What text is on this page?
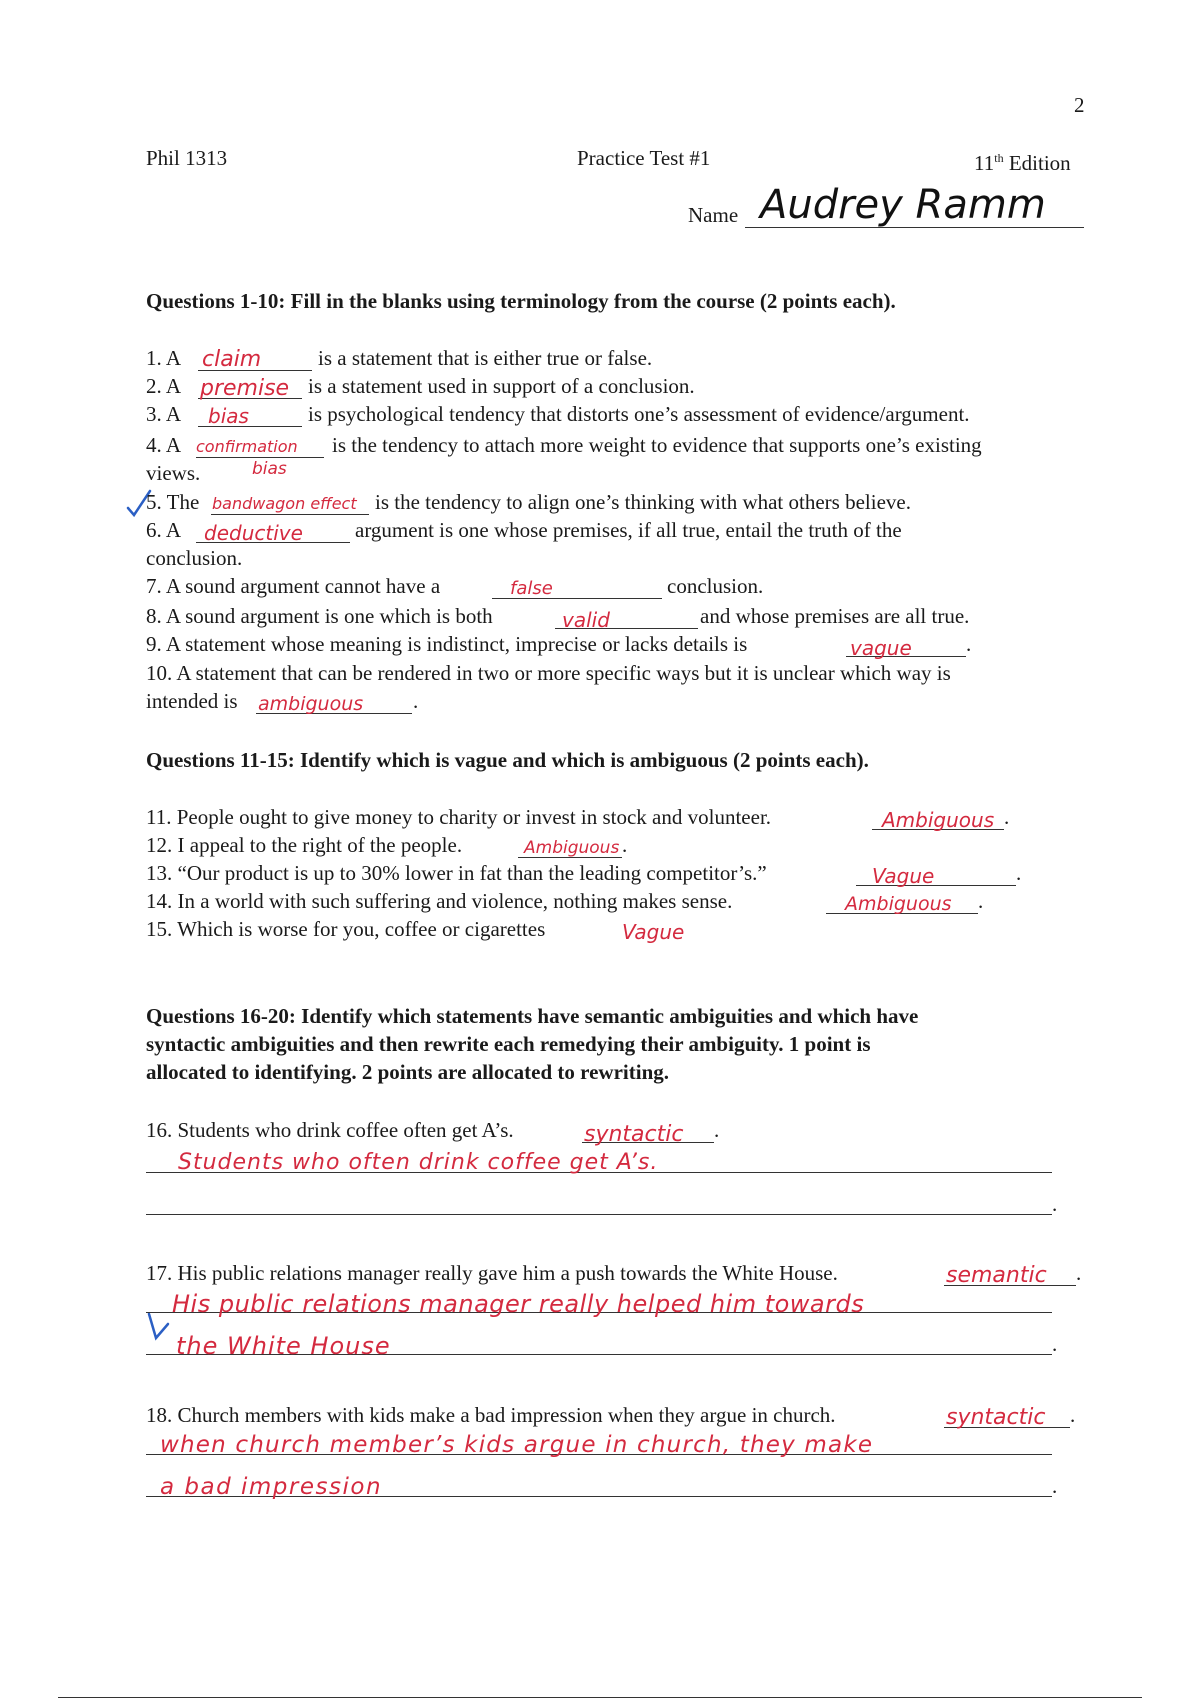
2
Phil 1313	Practice Test #1	11th Edition
Name Audrey Ramm
Questions 1-10: Fill in the blanks using terminology from the course (2 points each).
1. A claim	is a statement that is either true or false.
2. A premise is a statement used in support of a conclusion.
3. A bias	is psychological tendency that distorts one’s assessment of evidence/argument.
4. A confirmation is the tendency to attach more weight to evidence that supports one’s existing
views.	bias
5. The bandwagon effect is the tendency to align one’s thinking with what others believe.
6. A deductive argument is one whose premises, if all true, entail the truth of the
conclusion.
7. A sound argument cannot have a	false	conclusion.
8. A sound argument is one which is both	valid	and whose premises are all true.
9. A statement whose meaning is indistinct, imprecise or lacks details is	vague	.
10. A statement that can be rendered in two or more specific ways but it is unclear which way is
intended is ambiguous .
Questions 11-15: Identify which is vague and which is ambiguous (2 points each).
11. People ought to give money to charity or invest in stock and volunteer.	Ambiguous .
12. I appeal to the right of the people.	Ambiguous .
13. “Our product is up to 30% lower in fat than the leading competitor’s.”	Vague	.
14. In a world with such suffering and violence, nothing makes sense.	Ambiguous .
15. Which is worse for you, coffee or cigarettes	Vague
Questions 16-20: Identify which statements have semantic ambiguities and which have
syntactic ambiguities and then rewrite each remedying their ambiguity. 1 point is
allocated to identifying. 2 points are allocated to rewriting.
16. Students who drink coffee often get A’s.	syntactic .
Students who often drink coffee get A’s.
.
17. His public relations manager really gave him a push towards the White House.	semantic .
His public relations manager really helped him towards
the White House	.
18. Church members with kids make a bad impression when they argue in church.	syntactic .
when church member’s kids argue in church, they make
a bad impression	.
